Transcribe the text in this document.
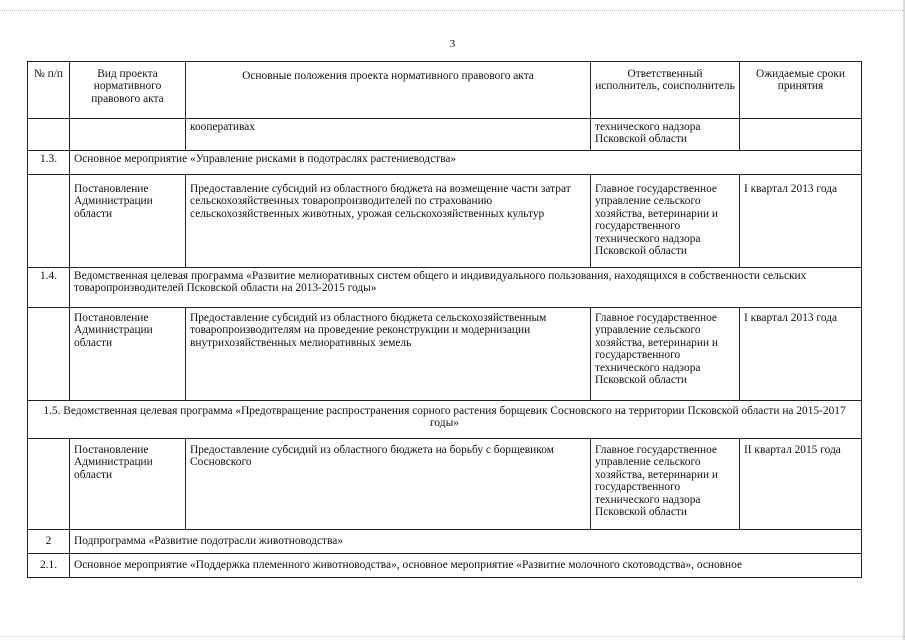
3
№ п/п	Вид проекта нормативного правового акта	Основные положения проекта нормативного правового акта	Ответственный исполнитель, соисполнитель	Ожидаемые сроки принятия
		кооперативах	технического надзора Псковской области	
1.3.	Основное мероприятие «Управление рисками в подотраслях растениеводства»			
	Постановление Администрации области	Предоставление субсидий из областного бюджета на возмещение части затрат сельскохозяйственных товаропроизводителей по страхованию сельскохозяйственных животных, урожая сельскохозяйственных культур	Главное государственное управление сельского хозяйства, ветеринарии и государственного технического надзора Псковской области	I квартал 2013 года
1.4.	Ведомственная целевая программа «Развитие мелиоративных систем общего и индивидуального пользования, находящихся в собственности сельских товаропроизводителей Псковской области на 2013-2015 годы»			
	Постановление Администрации области	Предоставление субсидий из областного бюджета сельскохозяйственным товаропроизводителям на проведение реконструкции и модернизации внутрихозяйственных мелиоративных земель	Главное государственное управление сельского хозяйства, ветеринарии и государственного технического надзора Псковской области	I квартал 2013 года
1.5. Ведомственная целевая программа «Предотвращение распространения сорного растения борщевик Сосновского на территории Псковской области на 2015-2017 годы»				
	Постановление Администрации области	Предоставление субсидий из областного бюджета на борьбу с борщевиком Сосновского	Главное государственное управление сельского хозяйства, ветеринарии и государственного технического надзора Псковской области	II квартал 2015 года
2	Подпрограмма «Развитие подотрасли животноводства»			
2.1.	Основное мероприятие «Поддержка племенного животноводства», основное мероприятие «Развитие молочного скотоводства», основное			
